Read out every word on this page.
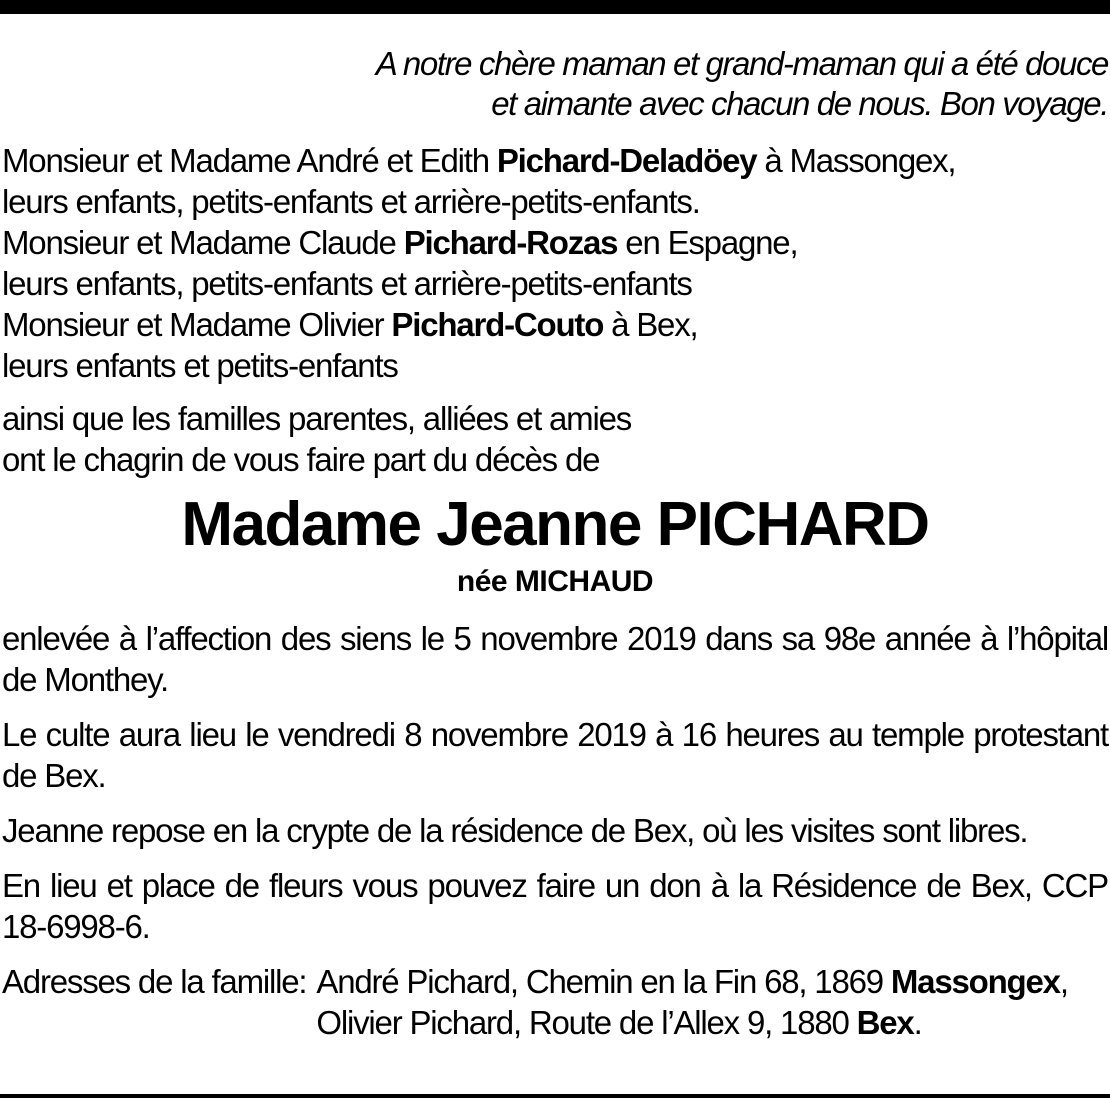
A notre chère maman et grand-maman qui a été douce
et aimante avec chacun de nous. Bon voyage.
Monsieur et Madame André et Edith Pichard-Deladöey à Massongex,
leurs enfants, petits-enfants et arrière-petits-enfants.
Monsieur et Madame Claude Pichard-Rozas en Espagne,
leurs enfants, petits-enfants et arrière-petits-enfants
Monsieur et Madame Olivier Pichard-Couto à Bex,
leurs enfants et petits-enfants
ainsi que les familles parentes, alliées et amies
ont le chagrin de vous faire part du décès de
Madame Jeanne PICHARD
née MICHAUD
enlevée à l’affection des siens le 5 novembre 2019 dans sa 98e année à l’hôpital de Monthey.
Le culte aura lieu le vendredi 8 novembre 2019 à 16 heures au temple protestant de Bex.
Jeanne repose en la crypte de la résidence de Bex, où les visites sont libres.
En lieu et place de fleurs vous pouvez faire un don à la Résidence de Bex, CCP 18-6998-6.
Adresses de la famille: André Pichard, Chemin en la Fin 68, 1869 Massongex,
Olivier Pichard, Route de l’Allex 9, 1880 Bex.
